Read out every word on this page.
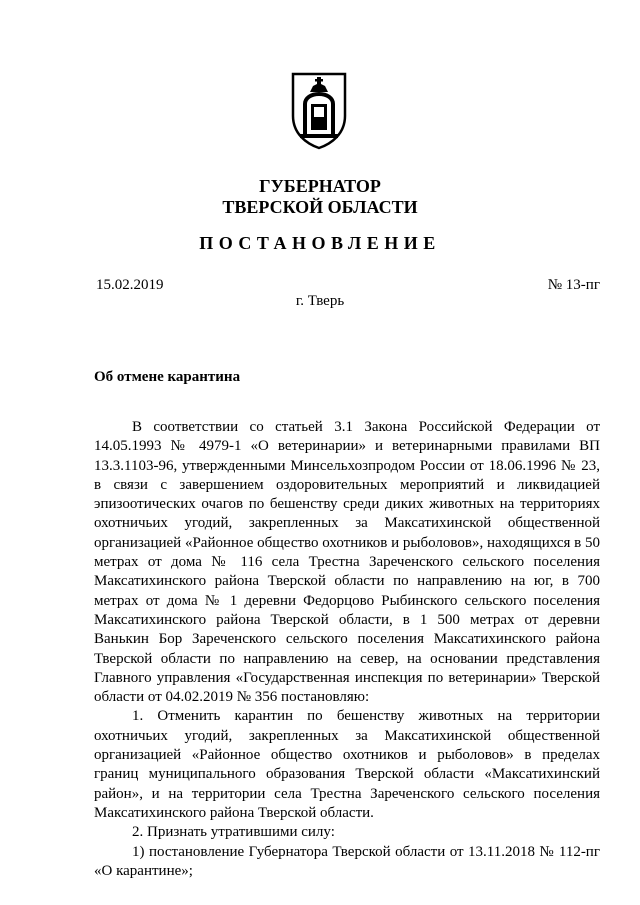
ГУБЕРНАТОР
ТВЕРСКОЙ ОБЛАСТИ
ПОСТАНОВЛЕНИЕ
15.02.2019	№ 13-пг
г. Тверь
Об отмене карантина

В соответствии со статьей 3.1 Закона Российской Федерации от 14.05.1993 № 4979-1 «О ветеринарии» и ветеринарными правилами ВП 13.3.1103-96, утвержденными Минсельхозпродом России от 18.06.1996 № 23, в связи с завершением оздоровительных мероприятий и ликвидацией эпизоотических очагов по бешенству среди диких животных на территориях охотничьих угодий, закрепленных за Максатихинской общественной организацией «Районное общество охотников и рыболовов», находящихся в 50 метрах от дома № 116 села Трестна Зареченского сельского поселения Максатихинского района Тверской области по направлению на юг, в 700 метрах от дома № 1 деревни Федорцово Рыбинского сельского поселения Максатихинского района Тверской области, в 1 500 метрах от деревни Ванькин Бор Зареченского сельского поселения Максатихинского района Тверской области по направлению на север, на основании представления Главного управления «Государственная инспекция по ветеринарии» Тверской области от 04.02.2019 № 356 постановляю:

1. Отменить карантин по бешенству животных на территории охотничьих угодий, закрепленных за Максатихинской общественной организацией «Районное общество охотников и рыболовов» в пределах границ муниципального образования Тверской области «Максатихинский район», и на территории села Трестна Зареченского сельского поселения Максатихинского района Тверской области.

2. Признать утратившими силу:

1) постановление Губернатора Тверской области от 13.11.2018 № 112-пг «О карантине»;
